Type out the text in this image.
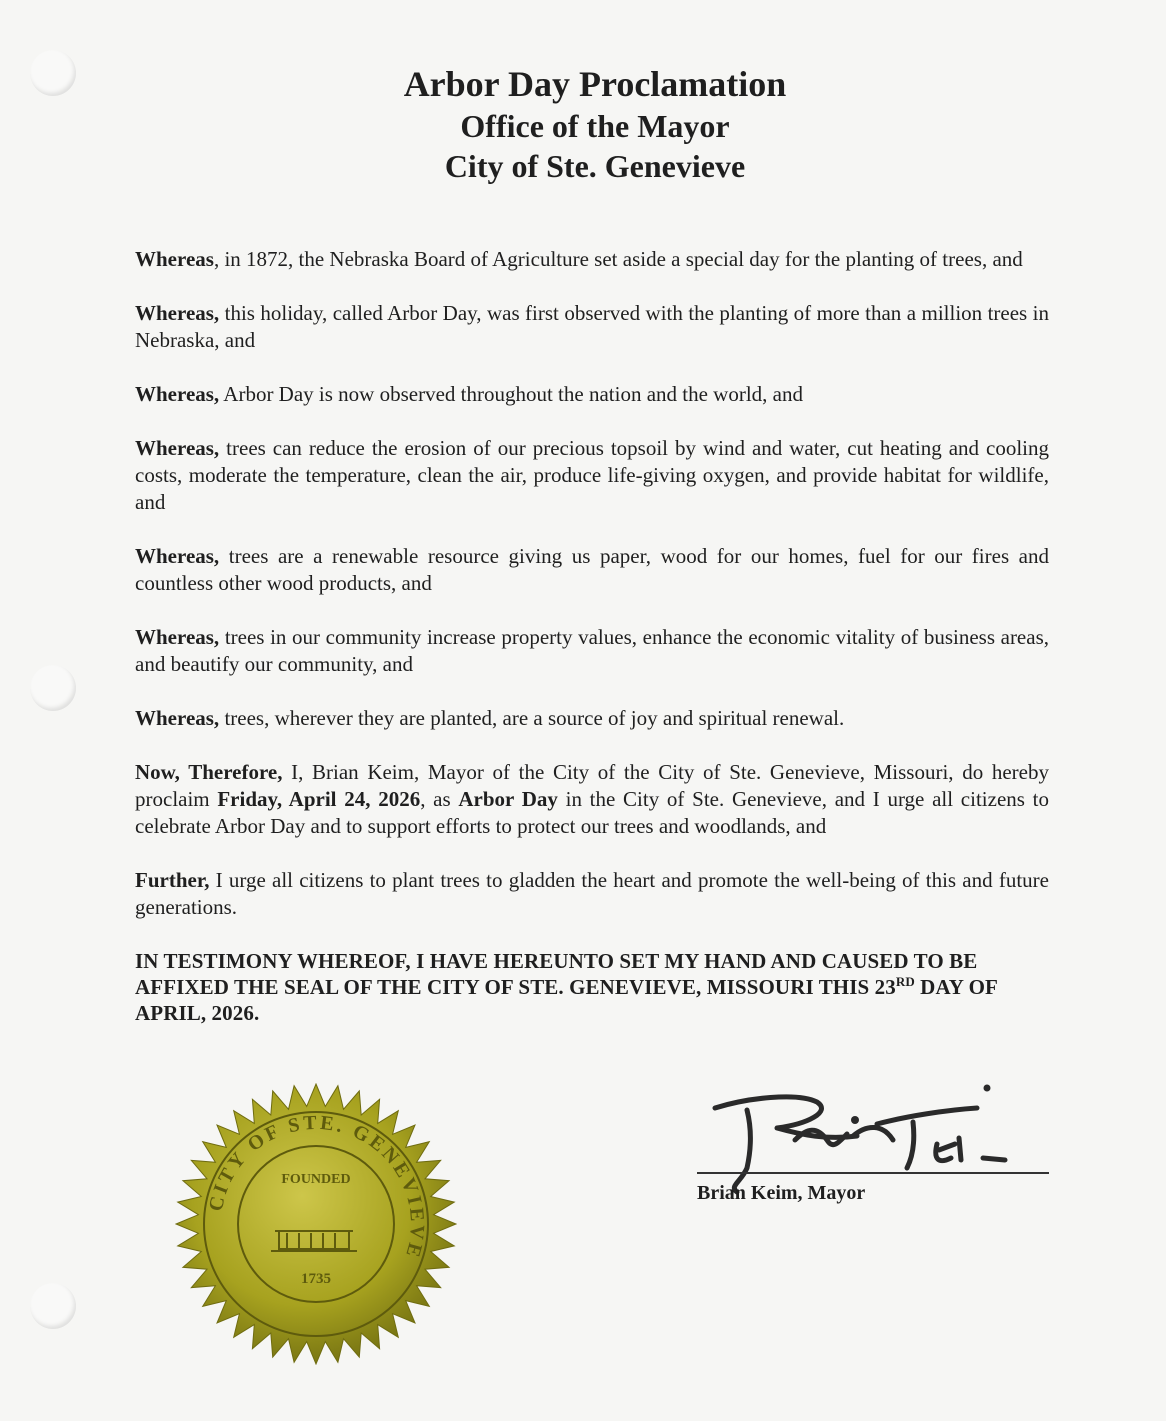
Arbor Day Proclamation
Office of the Mayor
City of Ste. Genevieve

Whereas, in 1872, the Nebraska Board of Agriculture set aside a special day for the planting of trees, and

Whereas, this holiday, called Arbor Day, was first observed with the planting of more than a million trees in Nebraska, and

Whereas, Arbor Day is now observed throughout the nation and the world, and

Whereas, trees can reduce the erosion of our precious topsoil by wind and water, cut heating and cooling costs, moderate the temperature, clean the air, produce life-giving oxygen, and provide habitat for wildlife, and

Whereas, trees are a renewable resource giving us paper, wood for our homes, fuel for our fires and countless other wood products, and

Whereas, trees in our community increase property values, enhance the economic vitality of business areas, and beautify our community, and

Whereas, trees, wherever they are planted, are a source of joy and spiritual renewal.

Now, Therefore, I, Brian Keim, Mayor of the City of the City of Ste. Genevieve, Missouri, do hereby proclaim Friday, April 24, 2026, as Arbor Day in the City of Ste. Genevieve, and I urge all citizens to celebrate Arbor Day and to support efforts to protect our trees and woodlands, and

Further, I urge all citizens to plant trees to gladden the heart and promote the well-being of this and future generations.

IN TESTIMONY WHEREOF, I HAVE HEREUNTO SET MY HAND AND CAUSED TO BE AFFIXED THE SEAL OF THE CITY OF STE. GENEVIEVE, MISSOURI THIS 23RD DAY OF APRIL, 2026.

CITY OF STE. GENEVIEVE
FOUNDED
1735
Brian Keim, Mayor
